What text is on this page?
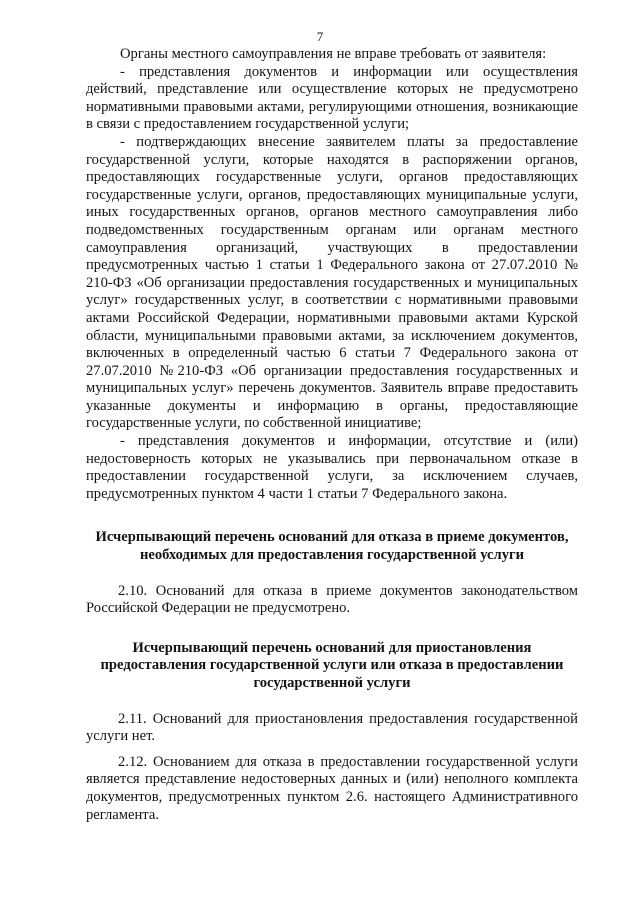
7

Органы местного самоуправления не вправе требовать от заявителя:

- представления документов и информации или осуществления действий, представление или осуществление которых не предусмотрено нормативными правовыми актами, регулирующими отношения, возникающие в связи с предоставлением государственной услуги;

- подтверждающих внесение заявителем платы за предоставление государственной услуги, которые находятся в распоряжении органов, предоставляющих государственные услуги, органов предоставляющих государственные услуги, органов, предоставляющих муниципальные услуги, иных государственных органов, органов местного самоуправления либо подведомственных государственным органам или органам местного самоуправления организаций, участвующих в предоставлении предусмотренных частью 1 статьи 1 Федерального закона от 27.07.2010 № 210-ФЗ «Об организации предоставления государственных и муниципальных услуг» государственных услуг, в соответствии с нормативными правовыми актами Российской Федерации, нормативными правовыми актами Курской области, муниципальными правовыми актами, за исключением документов, включенных в определенный частью 6 статьи 7 Федерального закона от 27.07.2010 №210-ФЗ «Об организации предоставления государственных и муниципальных услуг» перечень документов. Заявитель вправе предоставить указанные документы и информацию в органы, предоставляющие государственные услуги, по собственной инициативе;

- представления документов и информации, отсутствие и (или) недостоверность которых не указывались при первоначальном отказе в предоставлении государственной услуги, за исключением случаев, предусмотренных пунктом 4 части 1 статьи 7 Федерального закона.

Исчерпывающий перечень оснований для отказа в приеме документов, необходимых для предоставления государственной услуги

2.10. Оснований для отказа в приеме документов законодательством Российской Федерации не предусмотрено.

Исчерпывающий перечень оснований для приостановления предоставления государственной услуги или отказа в предоставлении государственной услуги

2.11. Оснований для приостановления предоставления государственной услуги нет.

2.12. Основанием для отказа в предоставлении государственной услуги является представление недостоверных данных и (или) неполного комплекта документов, предусмотренных пунктом 2.6. настоящего Административного регламента.
